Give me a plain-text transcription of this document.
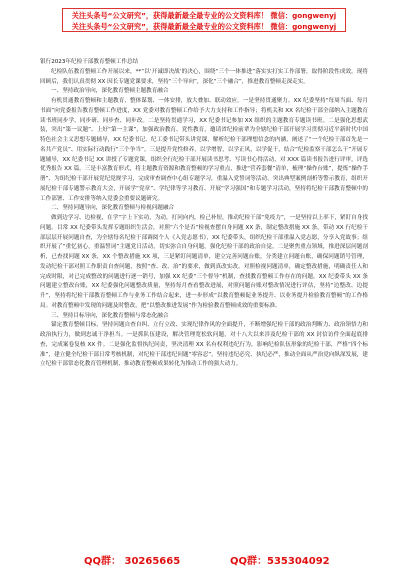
关注头条号“公文研究”，获得最新最全最专业的公文资料库！ 微信：gongwenyj
关注头条号“公文研究”，获得最新最全最专业的公文资料库！ 微信：gongwenyj

银行2023年纪检干部教育整顿工作总结

纪检队伍教育整顿工作开展以来，**“以‘开诚即决战’的决心，围绕“三个一体推进”落实实打实工作部署，取得阶段性成效。现将回顾后，我们认真贯彻 XX 因长专题党课要求，坚持“三个导向”，深化“三个融合”，推进教育整顿走深走实。

一、坚持政治导向，深化教育整顿主题教育融合

有机贯通教育整顿和主题教育，整体谋划、一体安排，放大叠加、联动效应。一是坚持贯通聚力。XX 纪委坚持“每周当面、每月书面”向党委报告教育整顿工作进度，XX 党委对教育整顿工作给予大力支持和工作指导；将机关和 XX 名纪检干部全部纳入主题教育读书班同步学、同步研、同步查、同步改。二是坚持贯通学习，XX 纪委书记参加 XX 组织的主题教育专题读书班。二是强化思想武装，突出“第一议题”、上好“第一主课”，加强政治教育、党性教育，邀请省纪检前辈为全辖纪检干部开展学习贯彻习近平新时代中国特色社会主义思想专题辅导，XX 纪委书记、纪工委书记带头讲党课，解析纪检干部理想信念的内涵，阐述了“一个纪检干部首先是一名共产党员”、用实际行动践行“三个争当”。三是提升党性修养，以学增智，以学正风，以学促干，结合“纪检监察干部怎么干”开展专题辅导，XX 纪委书记 XX 讲授了专题党课，组织全行纪检干部开展读书思考、写读书心得活动，对 XXX 篇读书报告进行评审，评选优秀报告 XX 篇。三是丰富教育形式，将主题教育资源和教育整顿的学习重点，推进“营养套餐”清单，梳理“操作台账”，提炼“操作手册”、为组纪检干部开展党纪党规学习，完成审查调查中心组专题学习，重温入党誓词等活动，突出典型案例剖析等警示教育，组织开展纪检干部专题警示教育大会，开展学“党章”、学纪律等学习教育、开展“学习强国”和专题学习活动，坚持将纪检干部教育整顿中的工作部署、工作安排等纳入党委会重要议题研究。

二、坚持问题导向，深化教育整顿与检视问题融合

做到边学习、边检视，在学“字上下实功，为动，打问向内，检己补短，推动纪检干部“免疫力”，一是坚持以上率下，紧盯自身找问题。目常 XX 纪委带头发挥专题组织生活会，对照“六个是否”检视查摆自身问题 XX 条，制定整改措施 XX 条，带动 XX 行纪检干部层层开展问题自查，为全辖每名纪检干部调阅个人《入党志愿书》，XX 纪委带头，组织纪检干部重温入党志愿，分享入党故事；组织开展了“重忆初心，重温誓词”主题党日活动，切实弥合自身问题，强化纪检干部的政治自觉。二是聚焦重点领域，推进深层问题剖析，已查找问题 XX 条，XX 个整改措施 XX 项，三是紧盯问题清单，建立完善问题台账，分类建立问题台账，确保问题销号管理，发动纪检干部对照工作职责自查问题，按照“查、改、治”的要求，做到真改实改。对照检视问题清单，确定整改措施，明确责任人和完成时限，对已完成整改的问题进行逐一销号，加强 XX 纪委“三个督导”机制，查找教育整顿工作存在的问题，XX 纪委带头 XX 条问题建立整改台账，XX 纪委强化问题整改质量，坚持每月查看整改进展，对照问题台账对整改情况进行评估，坚持“边整改、边提升”，坚持将纪检干部教育整顿工作与业务工作结合起来，进一步形成“以教育整顿促业务提升、以业务提升检验教育整顿”的工作格局。对教育整顿中发现的问题及时整改，把“以整改推进发展”作为检验教育整顿成效的重要标准。

三、坚持目标导向，深化教育整顿与常态化融合

锚定教育整顿目标，坚持问题自查自纠、立行立改、实现纪律作风的全面提升，不断增强纪检干部的政治判断力、政治领悟力和政治执行力，做到忠诚干净担当。一是抓队伍建设，解决管理宽松软问题，对十八大以来涉及纪检干部的 XX 封信访件全面起底排查，完成案卷复核 XX 件。二是强化监督执纪问责，坚决清理 XX 名有权利违纪行为，影响纪检队伍形象的纪检干部，严格“四个标准”，建立健全纪检干部日常考核机制，对纪检干部违纪问题“零容忍”，坚持违纪必究、执纪必严，推动全面从严治党向纵深发展，建立纪检干部常态化教育管理机制，推动教育整顿成果转化为推动工作的强大动力。

QQ群： 30265665	QQ群：535304092
